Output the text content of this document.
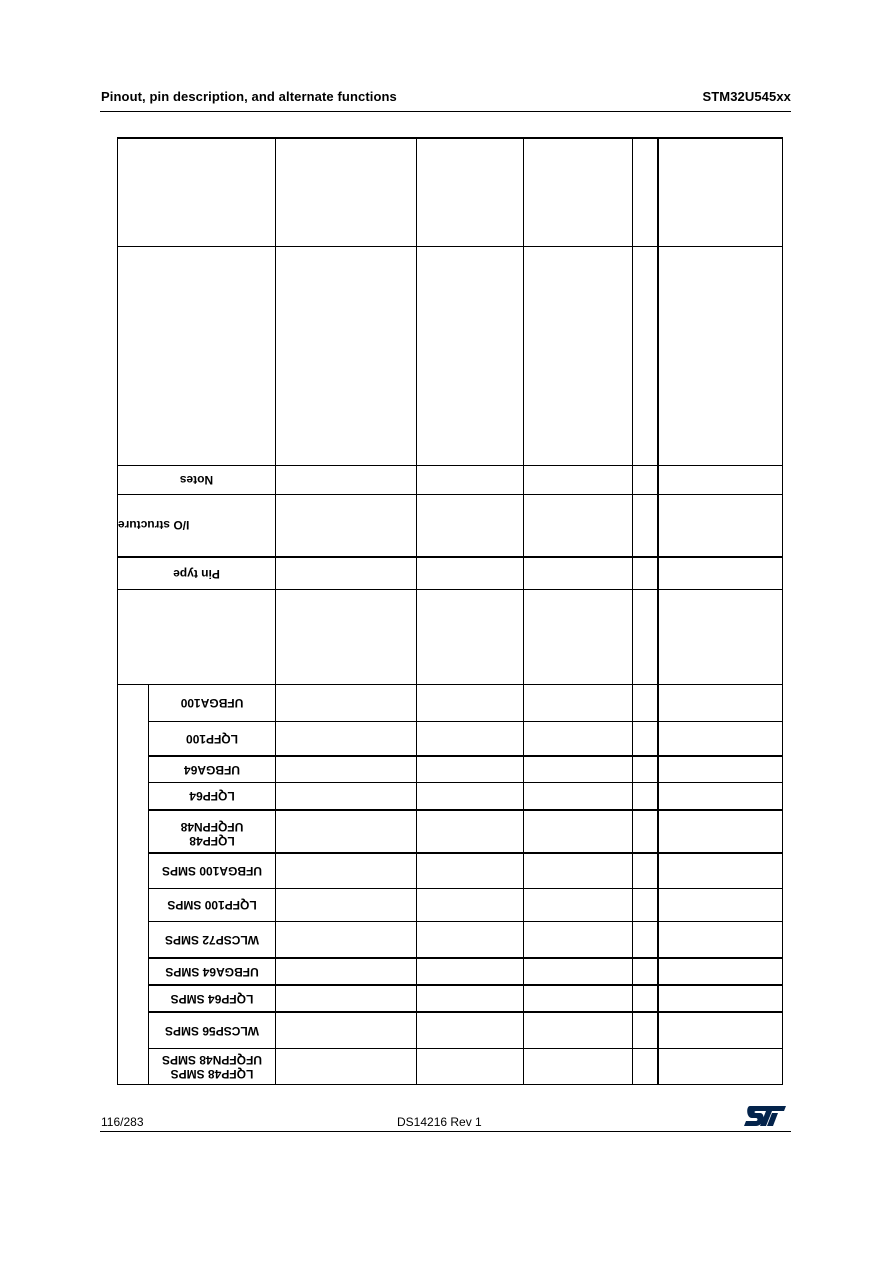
Pinout, pin description, and alternate functions	STM32U545xx
Notes
I/O structure
Pin type
UFBGA100
LQFP100
UFBGA64
LQFP64
LQFP48
UFQFPN48
UFBGA100 SMPS
LQFP100 SMPS
WLCSP72 SMPS
UFBGA64 SMPS
LQFP64 SMPS
WLCSP56 SMPS
LQFP48 SMPS
UFQFPN48 SMPS
116/283	DS14216 Rev 1
